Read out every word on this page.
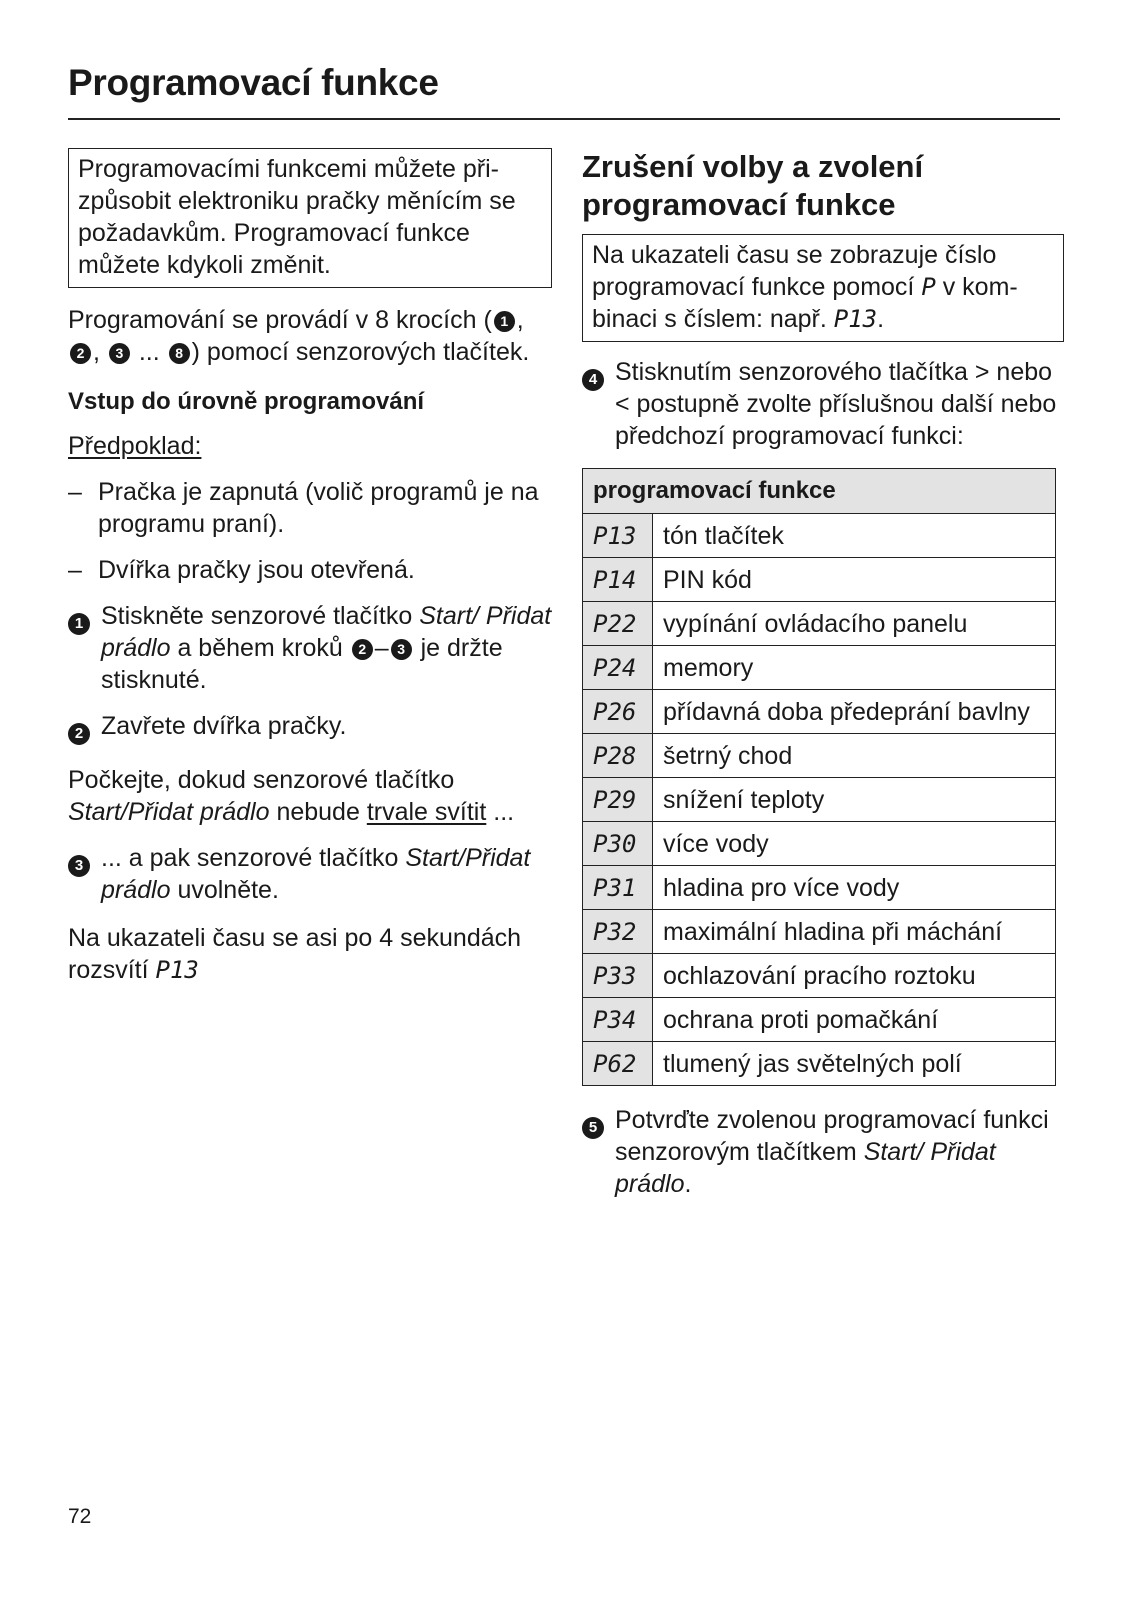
Programovací funkce
Programovacími funkcemi můžete přizpůsobit elektroniku pračky měnícím se požadavkům. Programovací funkce můžete kdykoli změnit.
Programování se provádí v 8 krocích ( 1 , 2 , 3 ... 8 ) pomocí senzorových tlačítek.
Vstup do úrovně programování
Předpoklad:
– Pračka je zapnutá (volič programů je na programu praní).
– Dvířka pračky jsou otevřená.
1 Stiskněte senzorové tlačítko Start/ Přidat prádlo a během kroků 2 – 3 je držte stisknuté.
2 Zavřete dvířka pračky.
Počkejte, dokud senzorové tlačítko Start/Přidat prádlo nebude trvale svítit ...
3 ... a pak senzorové tlačítko Start/Přidat prádlo uvolněte.
Na ukazateli času se asi po 4 sekundách rozsvítí P13
Zrušení volby a zvolení programovací funkce
Na ukazateli času se zobrazuje číslo programovací funkce pomocí P v kombinaci s číslem: např. P13.
4 Stisknutím senzorového tlačítka > nebo < postupně zvolte příslušnou další nebo předchozí programovací funkci:
programovací funkce	
P13	tón tlačítek
P14	PIN kód
P22	vypínání ovládacího panelu
P24	memory
P26	přídavná doba předeprání bavlny
P28	šetrný chod
P29	snížení teploty
P30	více vody
P31	hladina pro více vody
P32	maximální hladina při máchání
P33	ochlazování pracího roztoku
P34	ochrana proti pomačkání
P62	tlumený jas světelných polí
5 Potvrďte zvolenou programovací funkci senzorovým tlačítkem Start/ Přidat prádlo.
72
